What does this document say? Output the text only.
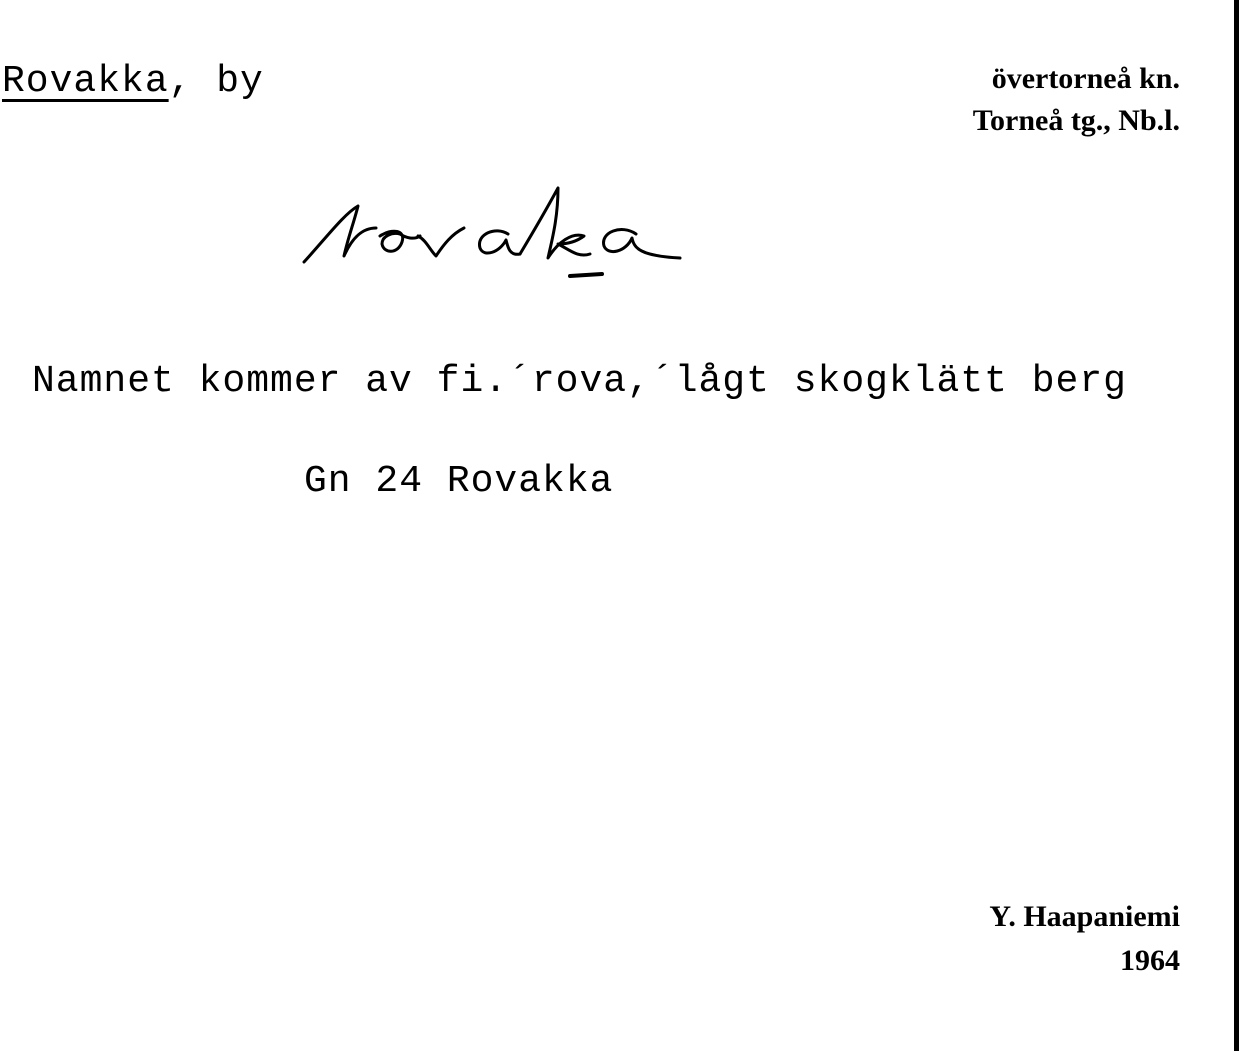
Rovakka, by	övertorneå kn.
Torneå tg., Nb.l.
Namnet kommer av fi.´rova,´lågt skogklätt berg
Gn 24 Rovakka
Y. Haapaniemi
1964
